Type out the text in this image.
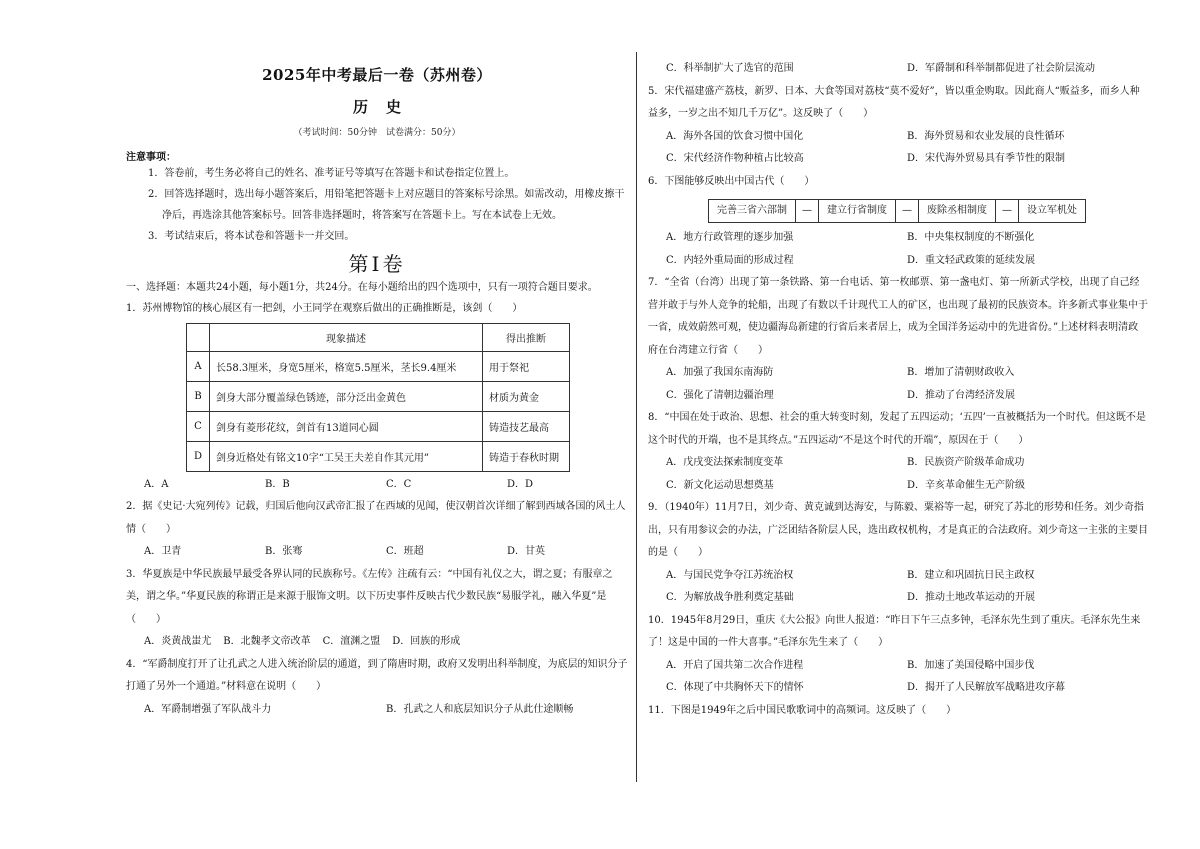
2025年中考最后一卷（苏州卷）
历史
（考试时间：50分钟　试卷满分：50分）
注意事项：
1．答卷前，考生务必将自己的姓名、准考证号等填写在答题卡和试卷指定位置上。
2．回答选择题时，选出每小题答案后，用铅笔把答题卡上对应题目的答案标号涂黑。如需改动，用橡皮擦干净后，再选涂其他答案标号。回答非选择题时，将答案写在答题卡上。写在本试卷上无效。
3．考试结束后，将本试卷和答题卡一并交回。
第Ⅰ卷
一、选择题：本题共24小题，每小题1分，共24分。在每小题给出的四个选项中，只有一项符合题目要求。
1．苏州博物馆的核心展区有一把剑，小王同学在观察后做出的正确推断是，该剑（　　）
	现象描述	得出推断
A	长58.3厘米，身宽5厘米，格宽5.5厘米，茎长9.4厘米	用于祭祀
B	剑身大部分覆盖绿色锈迹，部分泛出金黄色	材质为黄金
C	剑身有菱形花纹，剑首有13道同心圆	铸造技艺最高
D	剑身近格处有铭文10字“工吴王夫差自作其元用”	铸造于春秋时期
A．A	B．B	C．C	D．D
2．据《史记·大宛列传》记载，归国后他向汉武帝汇报了在西域的见闻，使汉朝首次详细了解到西域各国的风土人情（　　）
A．卫青	B．张骞	C．班超	D．甘英
3．华夏族是中华民族最早最受各界认同的民族称号。《左传》注疏有云：“中国有礼仪之大，谓之夏；有服章之美，谓之华。”华夏民族的称谓正是来源于服饰文明。以下历史事件反映古代少数民族“易服学礼，融入华夏”是（　　）
A．炎黄战蚩尤 B．北魏孝文帝改革 C．澶渊之盟 D．回族的形成
4．“军爵制度打开了让孔武之人进入统治阶层的通道，到了隋唐时期，政府又发明出科举制度，为底层的知识分子打通了另外一个通道。”材料意在说明（　　）
A．军爵制增强了军队战斗力	B．孔武之人和底层知识分子从此仕途顺畅
C．科举制扩大了选官的范围	D．军爵制和科举制都促进了社会阶层流动
5．宋代福建盛产荔枝，新罗、日本、大食等国对荔枝“莫不爱好”，皆以重金购取。因此商人“贩益多，而乡人种益多，一岁之出不知几千万亿”。这反映了（　　）
A．海外各国的饮食习惯中国化	B．海外贸易和农业发展的良性循环
C．宋代经济作物种植占比较高	D．宋代海外贸易具有季节性的限制
6．下图能够反映出中国古代（　　）
完善三省六部制	—	建立行省制度	—	废除丞相制度	—	设立军机处
A．地方行政管理的逐步加强	B．中央集权制度的不断强化
C．内轻外重局面的形成过程	D．重文轻武政策的延续发展
7．“全省（台湾）出现了第一条铁路、第一台电话、第一枚邮票、第一盏电灯、第一所新式学校，出现了自己经营并敢于与外人竞争的轮船，出现了有数以千计现代工人的矿区，也出现了最初的民族资本。许多新式事业集中于一省，成效蔚然可观，使边疆海岛新建的行省后来者居上，成为全国洋务运动中的先进省份。”上述材料表明清政府在台湾建立行省（　　）
A．加强了我国东南海防	B．增加了清朝财政收入
C．强化了清朝边疆治理	D．推动了台湾经济发展
8．“中国在处于政治、思想、社会的重大转变时刻，发起了五四运动；‘五四’一直被概括为一个时代。但这既不是这个时代的开端，也不是其终点。”五四运动“不是这个时代的开端”，原因在于（　　）
A．戊戌变法探索制度变革	B．民族资产阶级革命成功
C．新文化运动思想奠基	D．辛亥革命催生无产阶级
9．（1940年）11月7日，刘少奇、黄克诚到达海安，与陈毅、粟裕等一起，研究了苏北的形势和任务。刘少奇指出，只有用参议会的办法，广泛团结各阶层人民，选出政权机构，才是真正的合法政府。刘少奇这一主张的主要目的是（　　）
A．与国民党争夺江苏统治权	B．建立和巩固抗日民主政权
C．为解放战争胜利奠定基础	D．推动土地改革运动的开展
10．1945年8月29日，重庆《大公报》向世人报道：“昨日下午三点多钟，毛泽东先生到了重庆。毛泽东先生来了！这是中国的一件大喜事。”毛泽东先生来了（　　）
A．开启了国共第二次合作进程	B．加速了美国侵略中国步伐
C．体现了中共胸怀天下的情怀	D．揭开了人民解放军战略进攻序幕
11．下图是1949年之后中国民歌歌词中的高频词。这反映了（　　）
